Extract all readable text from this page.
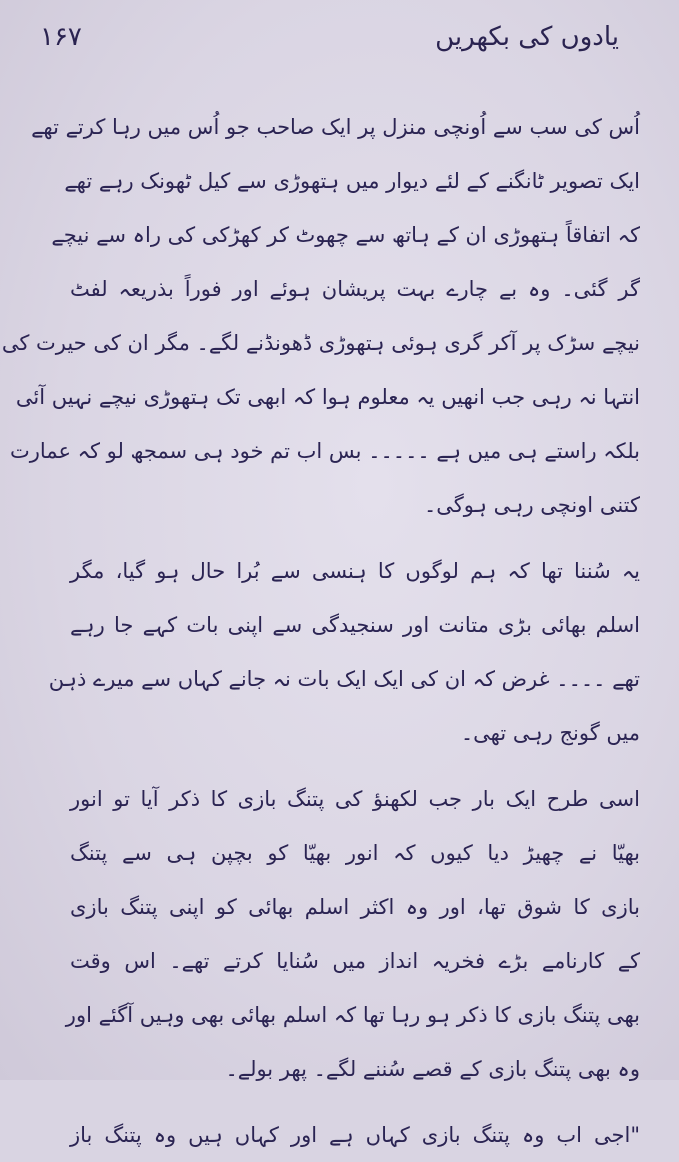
۱۶۷	یادوں کی بکھریں
اُس کی سب سے اُونچی منزل پر ایک صاحب جو اُس میں رہا کرتے تھے
ایک تصویر ٹانگنے کے لئے دیوار میں ہتھوڑی سے کیل ٹھونک رہے تھے
کہ اتفاقاً ہتھوڑی ان کے ہاتھ سے چھوٹ کر کھڑکی کی راہ سے نیچے
گر گئی۔ وہ بے چارے بہت پریشان ہوئے اور فوراً بذریعہ لفٹ
نیچے سڑک پر آکر گری ہوئی ہتھوڑی ڈھونڈنے لگے۔ مگر ان کی حیرت کی
انتہا نہ رہی جب انھیں یہ معلوم ہوا کہ ابھی تک ہتھوڑی نیچے نہیں آئی
بلکہ راستے ہی میں ہے ۔۔۔۔۔ بس اب تم خود ہی سمجھ لو کہ عمارت
کتنی اونچی رہی ہوگی۔
یہ سُننا تھا کہ ہم لوگوں کا ہنسی سے بُرا حال ہو گیا، مگر
اسلم بھائی بڑی متانت اور سنجیدگی سے اپنی بات کہے جا رہے
تھے ۔۔۔۔ غرض کہ ان کی ایک ایک بات نہ جانے کہاں سے میرے ذہن
میں گونج رہی تھی۔
اسی طرح ایک بار جب لکھنؤ کی پتنگ بازی کا ذکر آیا تو انور
بھیّا نے چھیڑ دیا کیوں کہ انور بھیّا کو بچپن ہی سے پتنگ
بازی کا شوق تھا، اور وہ اکثر اسلم بھائی کو اپنی پتنگ بازی
کے کارنامے بڑے فخریہ انداز میں سُنایا کرتے تھے۔ اس وقت
بھی پتنگ بازی کا ذکر ہو رہا تھا کہ اسلم بھائی بھی وہیں آگئے اور
وہ بھی پتنگ بازی کے قصے سُننے لگے۔ پھر بولے۔
"اجی اب وہ پتنگ بازی کہاں ہے اور کہاں ہیں وہ پتنگ باز
